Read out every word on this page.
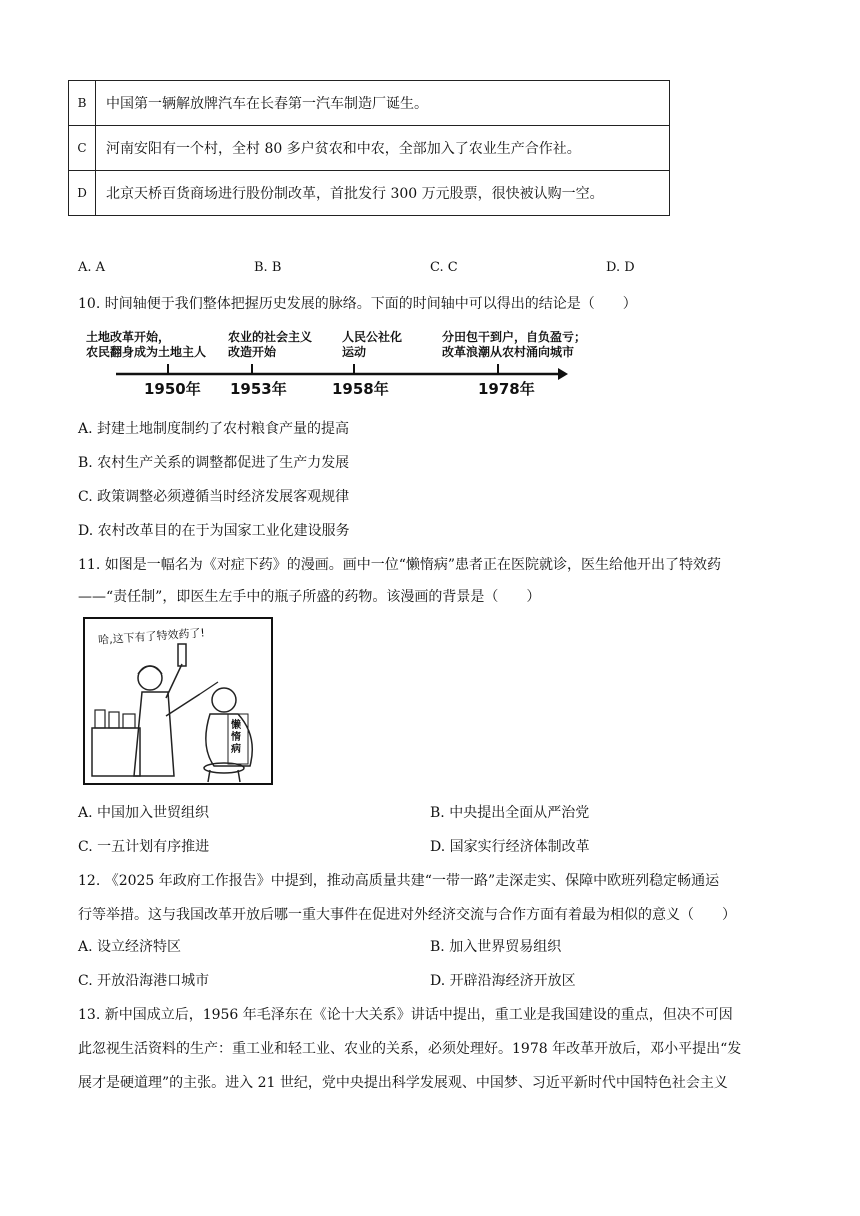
B	中国第一辆解放牌汽车在长春第一汽车制造厂诞生。
C	河南安阳有一个村，全村 80 多户贫农和中农，全部加入了农业生产合作社。
D	北京天桥百货商场进行股份制改革，首批发行 300 万元股票，很快被认购一空。
A. A	B. B	C. C	D. D
10. 时间轴便于我们整体把握历史发展的脉络。下面的时间轴中可以得出的结论是（　　）
土地改革开始，
农民翻身成为土地主人
农业的社会主义
改造开始
人民公社化
运动
分田包干到户，自负盈亏；
改革浪潮从农村涌向城市
1950年 1953年	1958年	1978年
A. 封建土地制度制约了农村粮食产量的提高
B. 农村生产关系的调整都促进了生产力发展
C. 政策调整必须遵循当时经济发展客观规律
D. 农村改革目的在于为国家工业化建设服务
11. 如图是一幅名为《对症下药》的漫画。画中一位“懒惰病”患者正在医院就诊，医生给他开出了特效药
——“责任制”，即医生左手中的瓶子所盛的药物。该漫画的背景是（　　）
哈,这下有了特效药了!
懒惰病
A. 中国加入世贸组织	B. 中央提出全面从严治党
C. 一五计划有序推进	D. 国家实行经济体制改革
12. 《2025 年政府工作报告》中提到，推动高质量共建“一带一路”走深走实、保障中欧班列稳定畅通运
行等举措。这与我国改革开放后哪一重大事件在促进对外经济交流与合作方面有着最为相似的意义（　　）
A. 设立经济特区	B. 加入世界贸易组织
C. 开放沿海港口城市	D. 开辟沿海经济开放区
13. 新中国成立后，1956 年毛泽东在《论十大关系》讲话中提出，重工业是我国建设的重点，但决不可因
此忽视生活资料的生产：重工业和轻工业、农业的关系，必须处理好。1978 年改革开放后，邓小平提出“发
展才是硬道理”的主张。进入 21 世纪，党中央提出科学发展观、中国梦、习近平新时代中国特色社会主义
